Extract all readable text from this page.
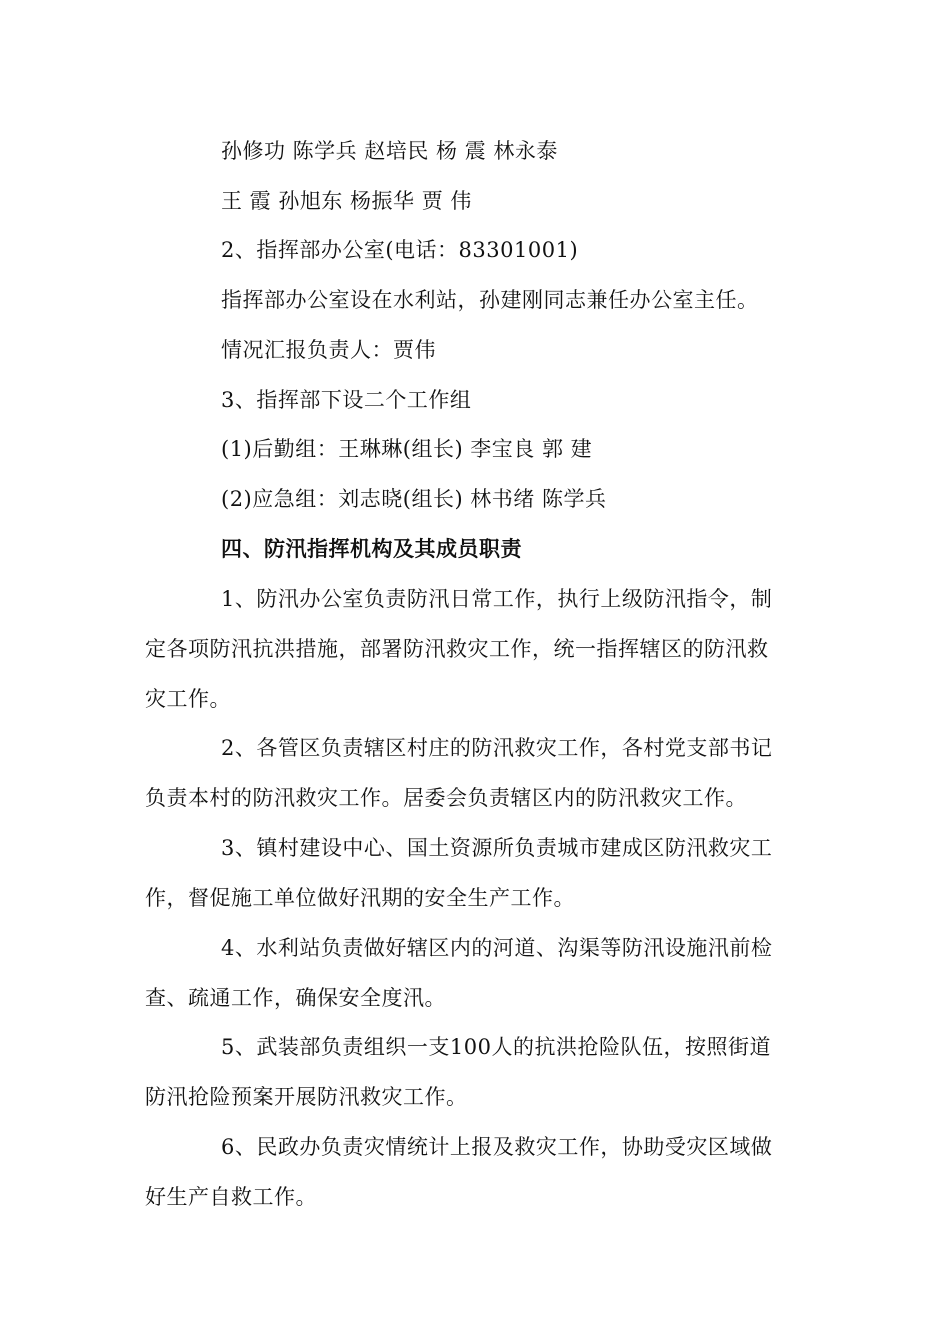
孙修功 陈学兵 赵培民 杨 震 林永泰
王 霞 孙旭东 杨振华 贾 伟
2、指挥部办公室(电话：83301001)
指挥部办公室设在水利站，孙建刚同志兼任办公室主任。
情况汇报负责人：贾伟
3、指挥部下设二个工作组
(1)后勤组：王琳琳(组长) 李宝良 郭 建
(2)应急组：刘志晓(组长) 林书绪 陈学兵
四、防汛指挥机构及其成员职责
1、防汛办公室负责防汛日常工作，执行上级防汛指令，制
定各项防汛抗洪措施，部署防汛救灾工作，统一指挥辖区的防汛救
灾工作。
2、各管区负责辖区村庄的防汛救灾工作，各村党支部书记
负责本村的防汛救灾工作。居委会负责辖区内的防汛救灾工作。
3、镇村建设中心、国土资源所负责城市建成区防汛救灾工
作，督促施工单位做好汛期的安全生产工作。
4、水利站负责做好辖区内的河道、沟渠等防汛设施汛前检
查、疏通工作，确保安全度汛。
5、武装部负责组织一支100人的抗洪抢险队伍，按照街道
防汛抢险预案开展防汛救灾工作。
6、民政办负责灾情统计上报及救灾工作，协助受灾区域做
好生产自救工作。
